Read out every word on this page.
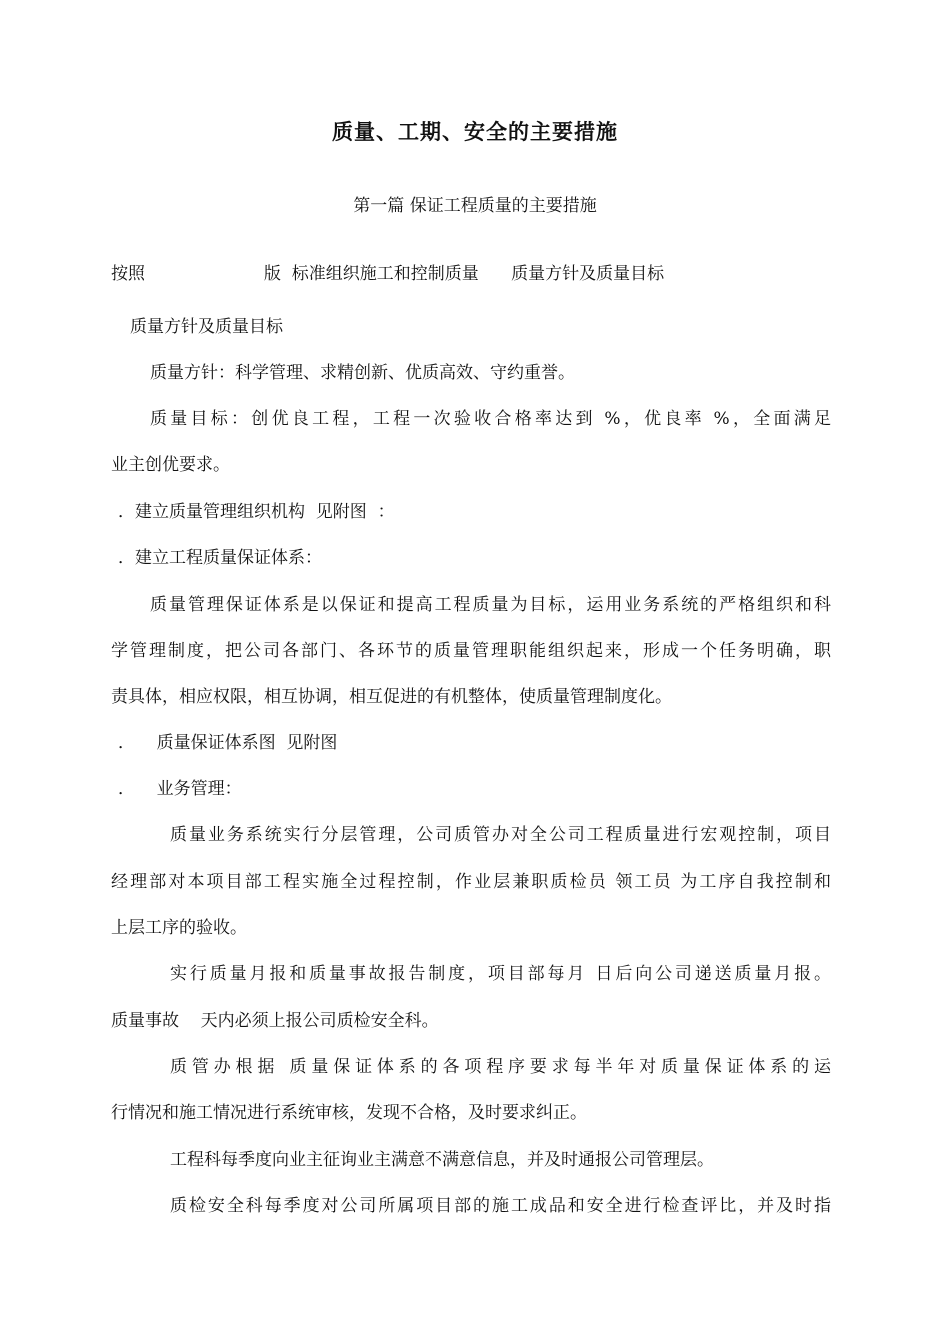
质量、工期、安全的主要措施
第一篇 保证工程质量的主要措施
按照                      版  标准组织施工和控制质量      质量方针及质量目标
质量方针及质量目标
质量方针：科学管理、求精创新、优质高效、守约重誉。
质量目标：创优良工程，工程一次验收合格率达到 %，优良率 %，全面满足
业主创优要求。
．建立质量管理组织机构  见附图  ：
．建立工程质量保证体系：
质量管理保证体系是以保证和提高工程质量为目标，运用业务系统的严格组织和科
学管理制度，把公司各部门、各环节的质量管理职能组织起来，形成一个任务明确，职
责具体，相应权限，相互协调，相互促进的有机整体，使质量管理制度化。
．    质量保证体系图  见附图
．    业务管理：
质量业务系统实行分层管理，公司质管办对全公司工程质量进行宏观控制，项目
经理部对本项目部工程实施全过程控制，作业层兼职质检员 领工员 为工序自我控制和
上层工序的验收。
实行质量月报和质量事故报告制度，项目部每月 日后向公司递送质量月报。
质量事故    天内必须上报公司质检安全科。
质管办根据 质量保证体系的各项程序要求每半年对质量保证体系的运
行情况和施工情况进行系统审核，发现不合格，及时要求纠正。
工程科每季度向业主征询业主满意不满意信息，并及时通报公司管理层。
质检安全科每季度对公司所属项目部的施工成品和安全进行检查评比，并及时指
